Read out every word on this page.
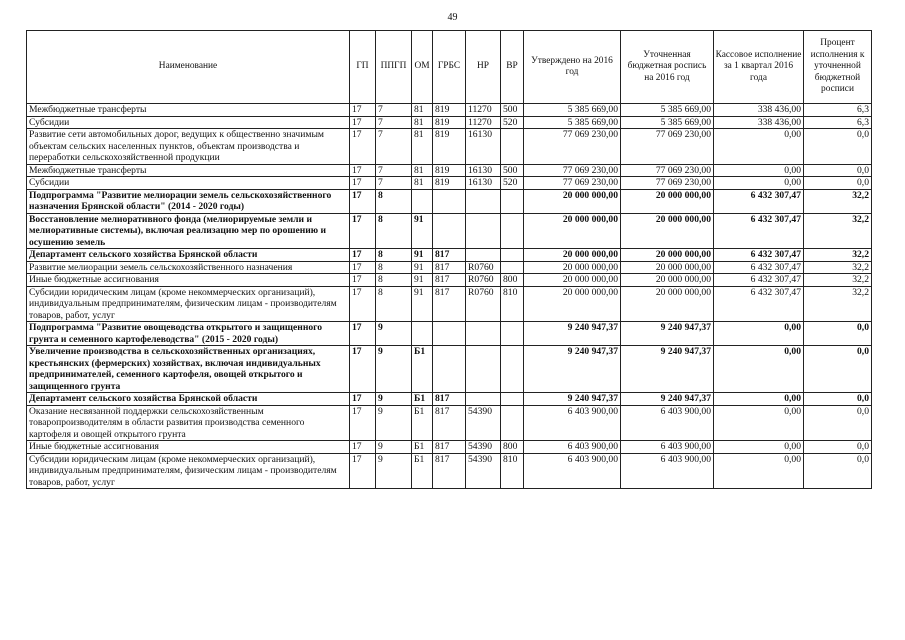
49
Наименование	ГП	ППГП	ОМ	ГРБС	НР	ВР	Утверждено на 2016 год	Уточненная бюджетная роспись на 2016 год	Кассовое исполнение за 1 квартал 2016 года	Процент исполнения к уточненной бюджетной росписи
Межбюджетные трансферты	17	7	81	819	11270	500	5 385 669,00	5 385 669,00	338 436,00	6,3
Субсидии	17	7	81	819	11270	520	5 385 669,00	5 385 669,00	338 436,00	6,3
Развитие сети автомобильных дорог, ведущих к общественно значимым объектам сельских населенных пунктов, объектам производства и переработки сельскохозяйственной продукции	17	7	81	819	16130		77 069 230,00	77 069 230,00	0,00	0,0
Межбюджетные трансферты	17	7	81	819	16130	500	77 069 230,00	77 069 230,00	0,00	0,0
Субсидии	17	7	81	819	16130	520	77 069 230,00	77 069 230,00	0,00	0,0
Подпрограмма "Развитие мелиорации земель сельскохозяйственного назначения Брянской области" (2014 - 2020 годы)	17	8					20 000 000,00	20 000 000,00	6 432 307,47	32,2
Восстановление мелиоративного фонда (мелиорируемые земли и мелиоративные системы), включая реализацию мер по орошению и осушению земель	17	8	91				20 000 000,00	20 000 000,00	6 432 307,47	32,2
Департамент сельского хозяйства Брянской области	17	8	91	817			20 000 000,00	20 000 000,00	6 432 307,47	32,2
Развитие мелиорации земель сельскохозяйственного назначения	17	8	91	817	R0760		20 000 000,00	20 000 000,00	6 432 307,47	32,2
Иные бюджетные ассигнования	17	8	91	817	R0760	800	20 000 000,00	20 000 000,00	6 432 307,47	32,2
Субсидии юридическим лицам (кроме некоммерческих организаций), индивидуальным предпринимателям, физическим лицам - производителям товаров, работ, услуг	17	8	91	817	R0760	810	20 000 000,00	20 000 000,00	6 432 307,47	32,2
Подпрограмма "Развитие овощеводства открытого и защищенного грунта и семенного картофелеводства" (2015 - 2020 годы)	17	9					9 240 947,37	9 240 947,37	0,00	0,0
Увеличение производства в сельскохозяйственных организациях, крестьянских (фермерских) хозяйствах, включая индивидуальных предпринимателей, семенного картофеля, овощей открытого и защищенного грунта	17	9	Б1				9 240 947,37	9 240 947,37	0,00	0,0
Департамент сельского хозяйства Брянской области	17	9	Б1	817			9 240 947,37	9 240 947,37	0,00	0,0
Оказание несвязанной поддержки сельскохозяйственным товаропроизводителям в области развития производства семенного картофеля и овощей открытого грунта	17	9	Б1	817	54390		6 403 900,00	6 403 900,00	0,00	0,0
Иные бюджетные ассигнования	17	9	Б1	817	54390	800	6 403 900,00	6 403 900,00	0,00	0,0
Субсидии юридическим лицам (кроме некоммерческих организаций), индивидуальным предпринимателям, физическим лицам - производителям товаров, работ, услуг	17	9	Б1	817	54390	810	6 403 900,00	6 403 900,00	0,00	0,0
